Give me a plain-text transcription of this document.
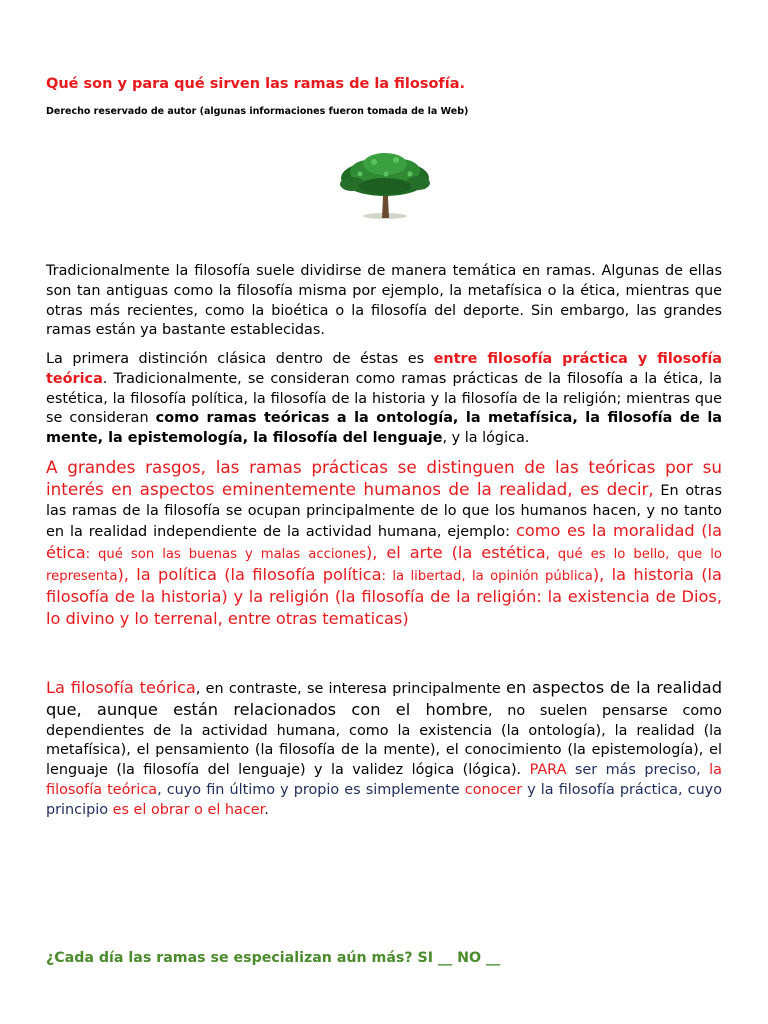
Qué son y para qué sirven las ramas de la filosofía.
Derecho reservado de autor (algunas informaciones fueron tomada de la Web)
Tradicionalmente la filosofía suele dividirse de manera temática en ramas. Algunas de ellas son tan antiguas como la filosofía misma por ejemplo, la metafísica o la ética, mientras que otras más recientes, como la bioética o la filosofía del deporte. Sin embargo, las grandes ramas están ya bastante establecidas.
La primera distinción clásica dentro de éstas es entre filosofía práctica y filosofía teórica. Tradicionalmente, se consideran como ramas prácticas de la filosofía a la ética, la estética, la filosofía política, la filosofía de la historia y la filosofía de la religión; mientras que se consideran como ramas teóricas a la ontología, la metafísica, la filosofía de la mente, la epistemología, la filosofía del lenguaje, y la lógica.
A grandes rasgos, las ramas prácticas se distinguen de las teóricas por su interés en aspectos eminentemente humanos de la realidad, es decir, En otras las ramas de la filosofía se ocupan principalmente de lo que los humanos hacen, y no tanto en la realidad independiente de la actividad humana, ejemplo: como es la moralidad (la ética: qué son las buenas y malas acciones), el arte (la estética, qué es lo bello, que lo representa), la política (la filosofía política: la libertad, la opinión pública), la historia (la filosofía de la historia) y la religión (la filosofía de la religión: la existencia de Dios, lo divino y lo terrenal, entre otras tematicas)
La filosofía teórica, en contraste, se interesa principalmente en aspectos de la realidad que, aunque están relacionados con el hombre, no suelen pensarse como dependientes de la actividad humana, como la existencia (la ontología), la realidad (la metafísica), el pensamiento (la filosofía de la mente), el conocimiento (la epistemología), el lenguaje (la filosofía del lenguaje) y la validez lógica (lógica). PARA ser más preciso, la filosofía teórica, cuyo fin último y propio es simplemente conocer y la filosofía práctica, cuyo principio es el obrar o el hacer.
¿Cada día las ramas se especializan aún más? SI __ NO __
